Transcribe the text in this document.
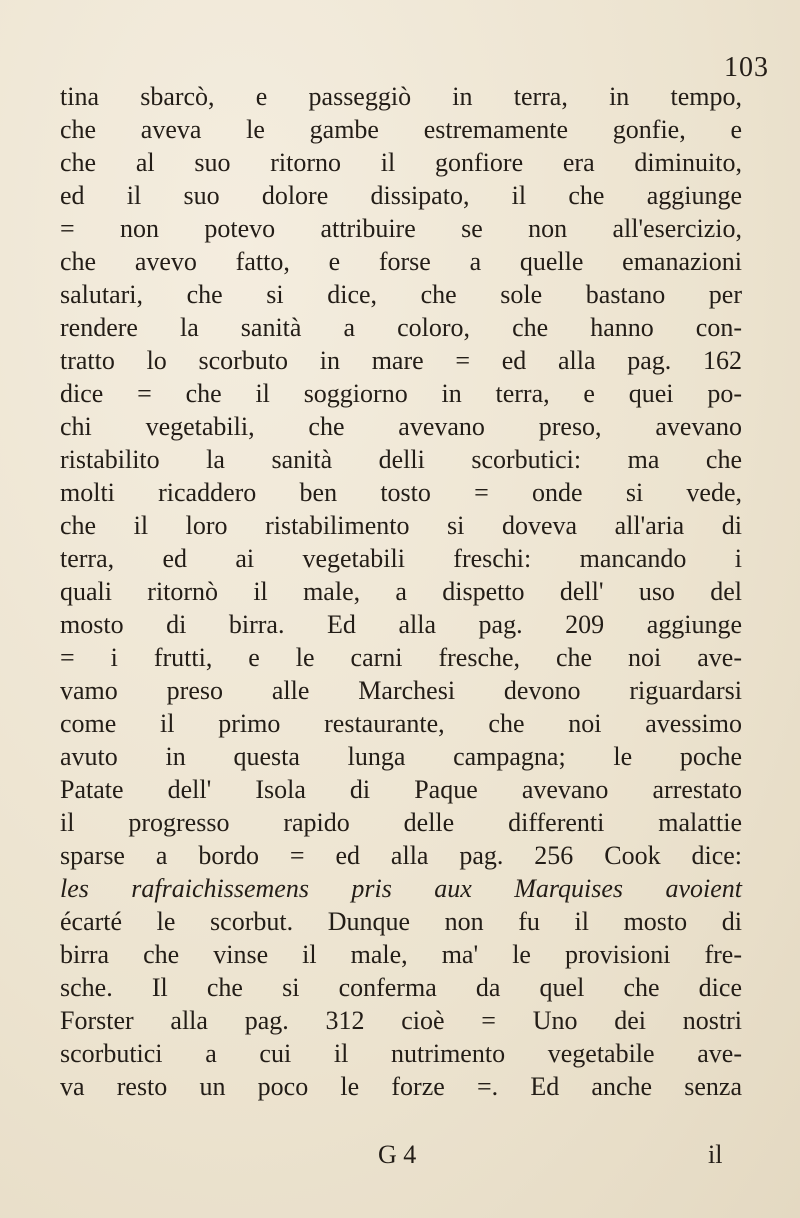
103
tina sbarcò, e passeggiò in terra, in tempo,
che aveva le gambe estremamente gonfie, e
che al suo ritorno il gonfiore era diminuito,
ed il suo dolore dissipato, il che aggiunge
= non potevo attribuire se non all'esercizio,
che avevo fatto, e forse a quelle emanazioni
salutari, che si dice, che sole bastano per
rendere la sanità a coloro, che hanno con-
tratto lo scorbuto in mare = ed alla pag. 162
dice = che il soggiorno in terra, e quei po-
chi vegetabili, che avevano preso, avevano
ristabilito la sanità delli scorbutici: ma che
molti ricaddero ben tosto = onde si vede,
che il loro ristabilimento si doveva all'aria di
terra, ed ai vegetabili freschi: mancando i
quali ritornò il male, a dispetto dell' uso del
mosto di birra. Ed alla pag. 209 aggiunge
= i frutti, e le carni fresche, che noi ave-
vamo preso alle Marchesi devono riguardarsi
come il primo restaurante, che noi avessimo
avuto in questa lunga campagna; le poche
Patate dell' Isola di Paque avevano arrestato
il progresso rapido delle differenti malattie
sparse a bordo = ed alla pag. 256 Cook dice:
les rafraichissemens pris aux Marquises avoient
écarté le scorbut. Dunque non fu il mosto di
birra che vinse il male, ma' le provisioni fre-
sche. Il che si conferma da quel che dice
Forster alla pag. 312 cioè = Uno dei nostri
scorbutici a cui il nutrimento vegetabile ave-
va resto un poco le forze =. Ed anche senza
G 4	il
